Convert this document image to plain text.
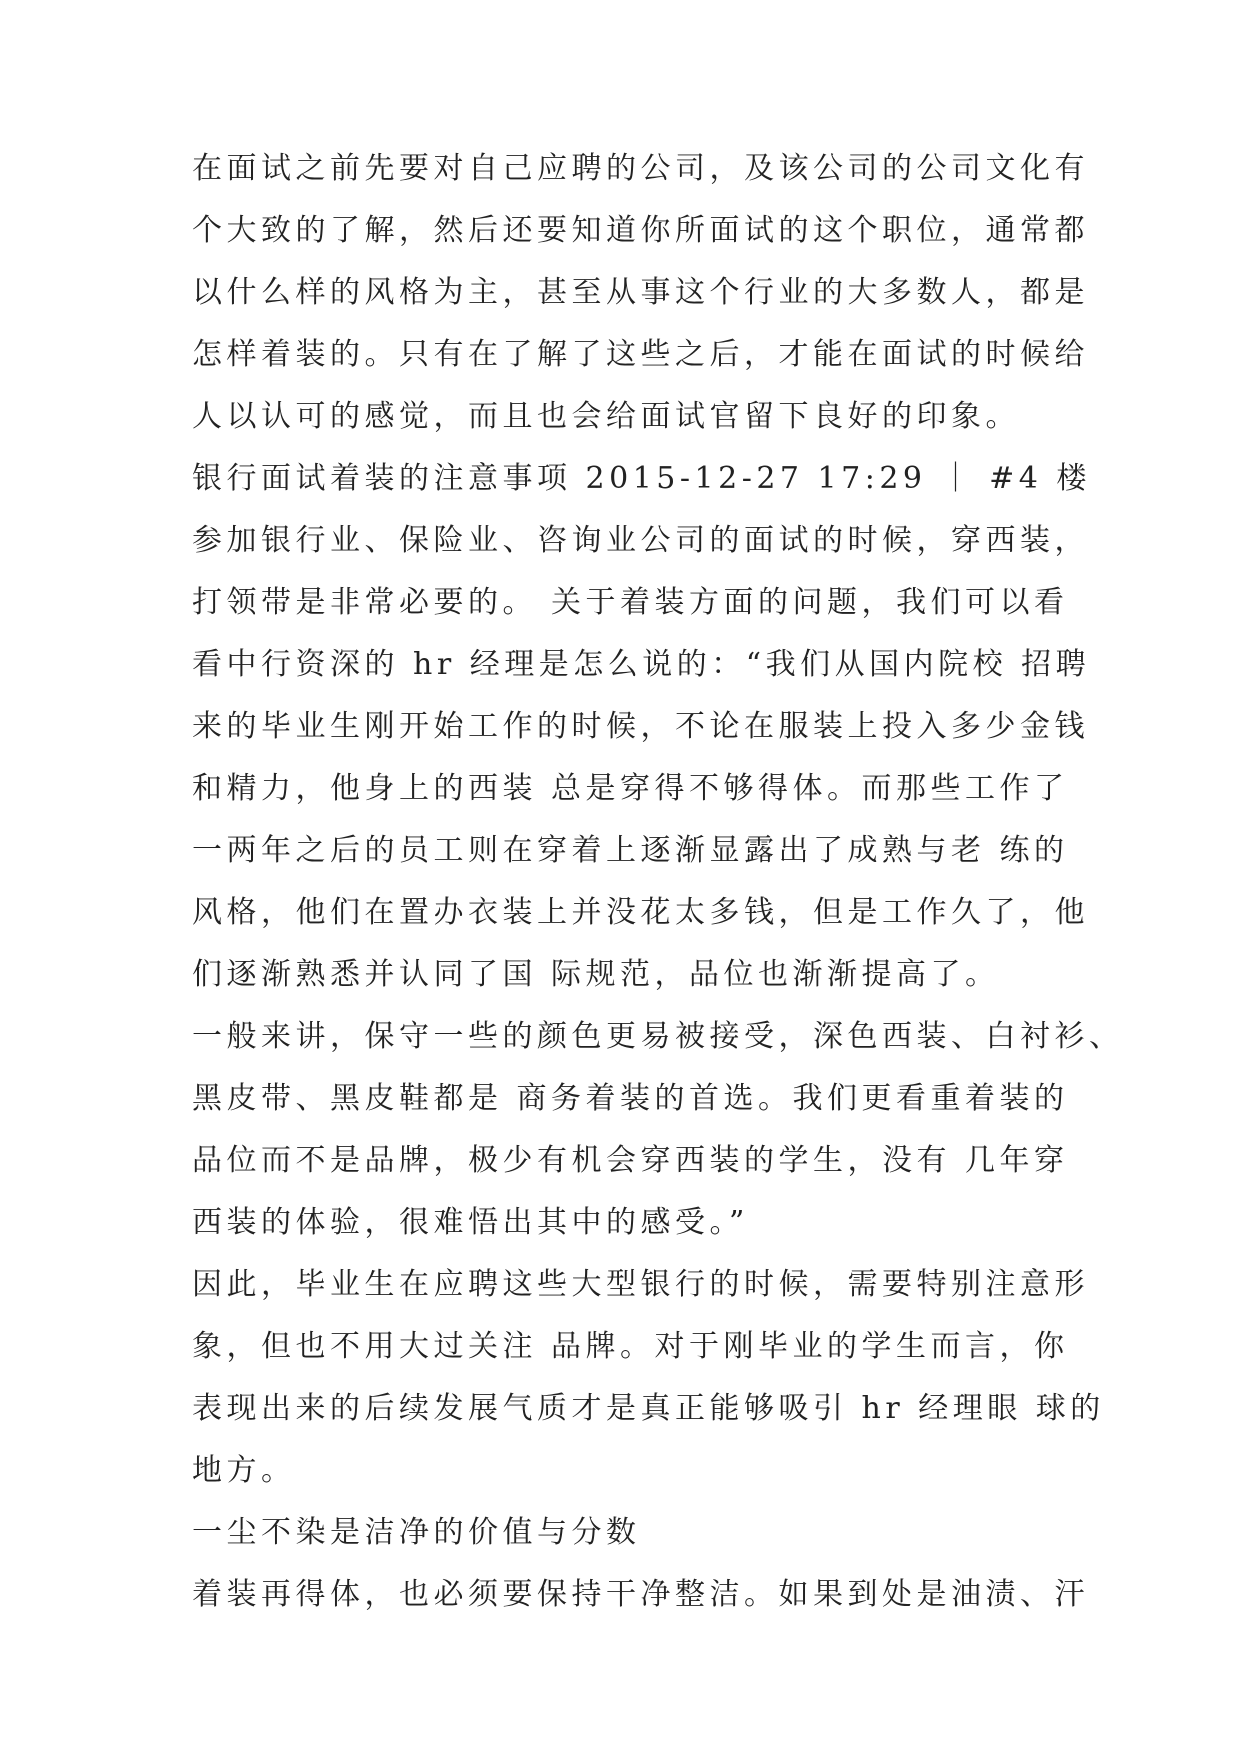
在面试之前先要对自己应聘的公司，及该公司的公司文化有
个大致的了解，然后还要知道你所面试的这个职位，通常都
以什么样的风格为主，甚至从事这个行业的大多数人，都是
怎样着装的。只有在了解了这些之后，才能在面试的时候给
人以认可的感觉，而且也会给面试官留下良好的印象。
银行面试着装的注意事项 2015-12-27 17:29 ｜ #4 楼
参加银行业、保险业、咨询业公司的面试的时候，穿西装，
打领带是非常必要的。 关于着装方面的问题，我们可以看
看中行资深的 hr 经理是怎么说的：“我们从国内院校 招聘
来的毕业生刚开始工作的时候，不论在服装上投入多少金钱
和精力，他身上的西装 总是穿得不够得体。而那些工作了
一两年之后的员工则在穿着上逐渐显露出了成熟与老 练的
风格，他们在置办衣装上并没花太多钱，但是工作久了，他
们逐渐熟悉并认同了国 际规范，品位也渐渐提高了。
一般来讲，保守一些的颜色更易被接受，深色西装、白衬衫、
黑皮带、黑皮鞋都是 商务着装的首选。我们更看重着装的
品位而不是品牌，极少有机会穿西装的学生，没有 几年穿
西装的体验，很难悟出其中的感受。”
因此，毕业生在应聘这些大型银行的时候，需要特别注意形
象，但也不用大过关注 品牌。对于刚毕业的学生而言，你
表现出来的后续发展气质才是真正能够吸引 hr 经理眼 球的
地方。
一尘不染是洁净的价值与分数
着装再得体，也必须要保持干净整洁。如果到处是油渍、汗
